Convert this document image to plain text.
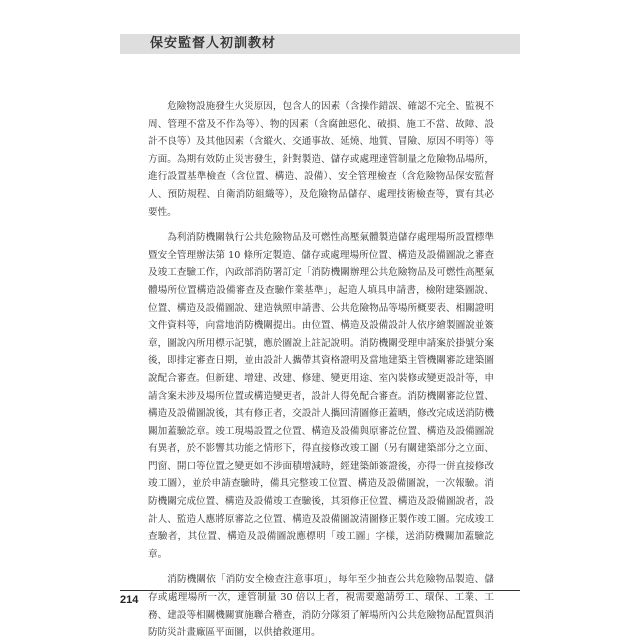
保安監督人初訓教材

危險物設施發生火災原因，包含人的因素（含操作錯誤、確認不完全、監視不周、管理不當及不作為等）、物的因素（含腐蝕惡化、破損、施工不當、故障、設計不良等）及其他因素（含縱火、交通事故、延燒、地質、冒險、原因不明等）等方面。為期有效防止災害發生，針對製造、儲存或處理達管制量之危險物品場所，進行設置基準檢查（含位置、構造、設備）、安全管理檢查（含危險物品保安監督人、預防規程、自衛消防組織等），及危險物品儲存、處理技術檢查等，實有其必要性。

為利消防機關執行公共危險物品及可燃性高壓氣體製造儲存處理場所設置標準暨安全管理辦法第 10 條所定製造、儲存或處理場所位置、構造及設備圖說之審查及竣工查驗工作，內政部消防署訂定「消防機關辦理公共危險物品及可燃性高壓氣體場所位置構造設備審查及查驗作業基準」，起造人填具申請書，檢附建築圖說、位置、構造及設備圖說、建造執照申請書、公共危險物品等場所概要表、相關證明文件資料等，向當地消防機關提出。由位置、構造及設備設計人依序繪製圖說並簽章，圖說內所用標示記號，應於圖說上註記說明。消防機關受理申請案於掛號分案後，即排定審查日期，並由設計人攜帶其資格證明及當地建築主管機關審訖建築圖說配合審查。但新建、增建、改建、修建、變更用途、室內裝修或變更設計等，申請含案未涉及場所位置或構造變更者，設計人得免配合審查。消防機關審訖位置、構造及設備圖說後，其有修正者，交設計人攜回清圖修正蓋晒，修改完成送消防機關加蓋驗訖章。竣工現場設置之位置、構造及設備與原審訖位置、構造及設備圖說有異者，於不影響其功能之情形下，得直接修改竣工圖（另有關建築部分之立面、門窗、開口等位置之變更如不涉面積增減時，經建築師簽證後，亦得一併直接修改竣工圖），並於申請查驗時，備具完整竣工位置、構造及設備圖說，一次報驗。消防機關完成位置、構造及設備竣工查驗後，其須修正位置、構造及設備圖說者，設計人、監造人應將原審訖之位置、構造及設備圖說清圖修正製作竣工圖。完成竣工查驗者，其位置、構造及設備圖說應標明「竣工圖」字樣，送消防機關加蓋驗訖章。

消防機關依「消防安全檢查注意事項」，每年至少抽查公共危險物品製造、儲存或處理場所一次，達管制量 30 倍以上者，視需要邀請勞工、環保、工業、工務、建設等相關機關實施聯合稽查，消防分隊須了解場所內公共危險物品配置與消防防災計畫廠區平面圖，以供搶救運用。

214
